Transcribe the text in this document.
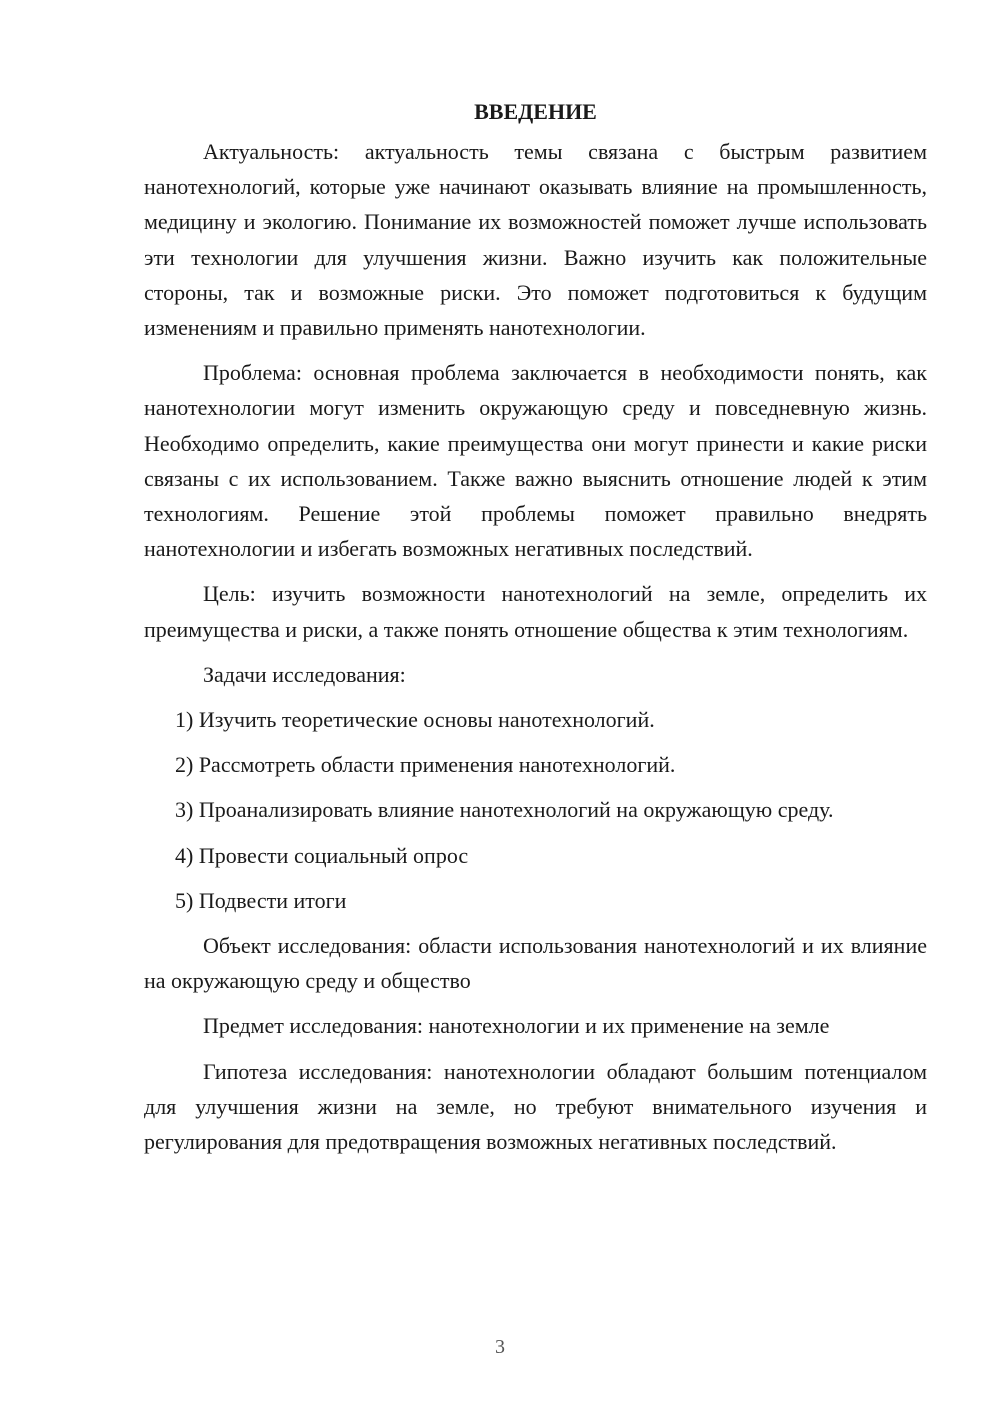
ВВЕДЕНИЕ

Актуальность: актуальность темы связана с быстрым развитием нанотехнологий, которые уже начинают оказывать влияние на промышленность, медицину и экологию. Понимание их возможностей поможет лучше использовать эти технологии для улучшения жизни. Важно изучить как положительные стороны, так и возможные риски. Это поможет подготовиться к будущим изменениям и правильно применять нанотехнологии.

Проблема: основная проблема заключается в необходимости понять, как нанотехнологии могут изменить окружающую среду и повседневную жизнь. Необходимо определить, какие преимущества они могут принести и какие риски связаны с их использованием. Также важно выяснить отношение людей к этим технологиям. Решение этой проблемы поможет правильно внедрять нанотехнологии и избегать возможных негативных последствий.

Цель: изучить возможности нанотехнологий на земле, определить их преимущества и риски, а также понять отношение общества к этим технологиям.

Задачи исследования:

1) Изучить теоретические основы нанотехнологий.

2) Рассмотреть области применения нанотехнологий.

3) Проанализировать влияние нанотехнологий на окружающую среду.

4) Провести социальный опрос

5) Подвести итоги

Объект исследования: области использования нанотехнологий и их влияние на окружающую среду и общество

Предмет исследования: нанотехнологии и их применение на земле

Гипотеза исследования: нанотехнологии обладают большим потенциалом для улучшения жизни на земле, но требуют внимательного изучения и регулирования для предотвращения возможных негативных последствий.

3
